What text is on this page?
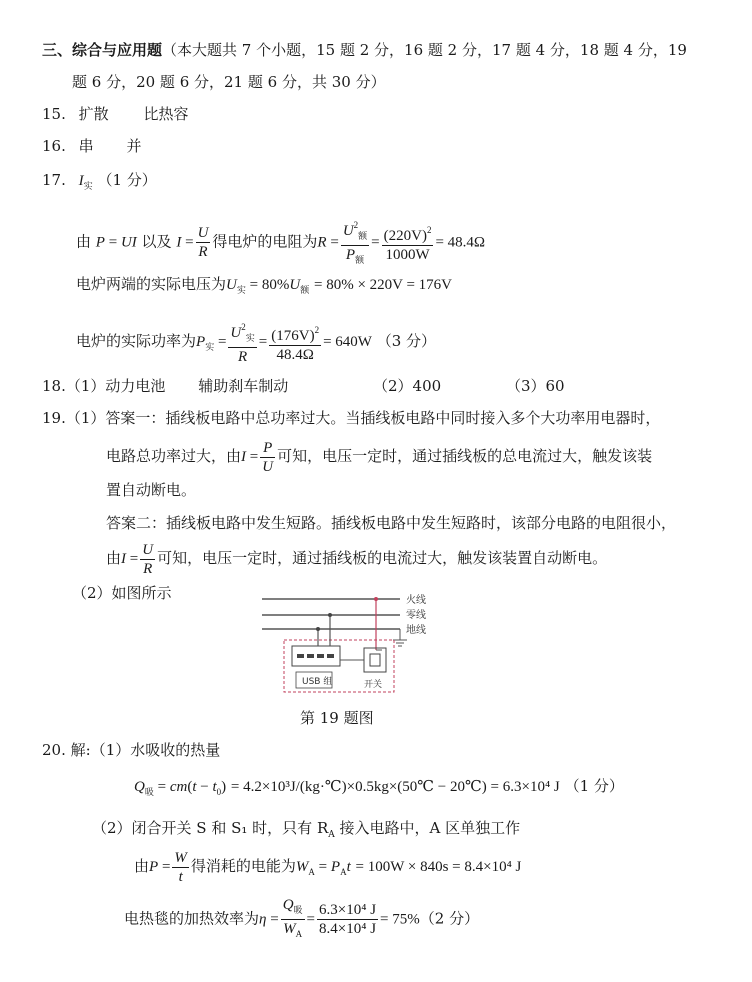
三、综合与应用题（本大题共 7 个小题，15 题 2 分，16 题 2 分，17 题 4 分，18 题 4 分，19
题 6 分，20 题 6 分，21 题 6 分，共 30 分）
15. 扩散 比热容
16. 串 并
17. $I_实$ （1 分）
由 P = UI 以及 $I = \frac{U}{R}$ 得电炉的电阻为$R = \frac{U^2_额}{P_额} = \frac{(220V)^2}{1000W} = 48.4\Omega$
电炉两端的实际电压为$U_实 = 80\%U_额 = 80\% \times 220V = 176V$
电炉的实际功率为$P_实 = \frac{U^2_实}{R} = \frac{(176V)^2}{48.4\Omega} = 640W$ （3 分）
18.（1）动力电池 辅助刹车制动	（2）400	（3）60
19.（1）答案一：插线板电路中总功率过大。当插线板电路中同时接入多个大功率用电器时，
电路总功率过大，由$I = \frac{P}{U}$ 可知，电压一定时，通过插线板的总电流过大，触发该装
置自动断电。
答案二：插线板电路中发生短路。插线板电路中发生短路时，该部分电路的电阻很小，
由$I = \frac{U}{R}$ 可知，电压一定时，通过插线板的电流过大，触发该装置自动断电。
（2）如图所示	火线
零线
地线
USB 组	开关
第 19 题图
20. 解:（1）水吸收的热量
$Q_吸 = cm(t - t_0)$ = 4.2×10³J/(kg·℃)×0.5kg×(50℃ − 20℃) = 6.3×10⁴ J （1 分）
（2）闭合开关 S 和 S₁ 时，只有 $R_A$ 接入电路中，A 区单独工作
由$P = \frac{W}{t}$ 得消耗的电能为$W_A = P_At = 100W \times 840s = 8.4\times 10^4$ J
电热毯的加热效率为$\eta = \frac{Q_吸}{W_A} = \frac{\text{6.3×10⁴ J}}{\text{8.4×10⁴ J}} = 75\%(2$ 分）
